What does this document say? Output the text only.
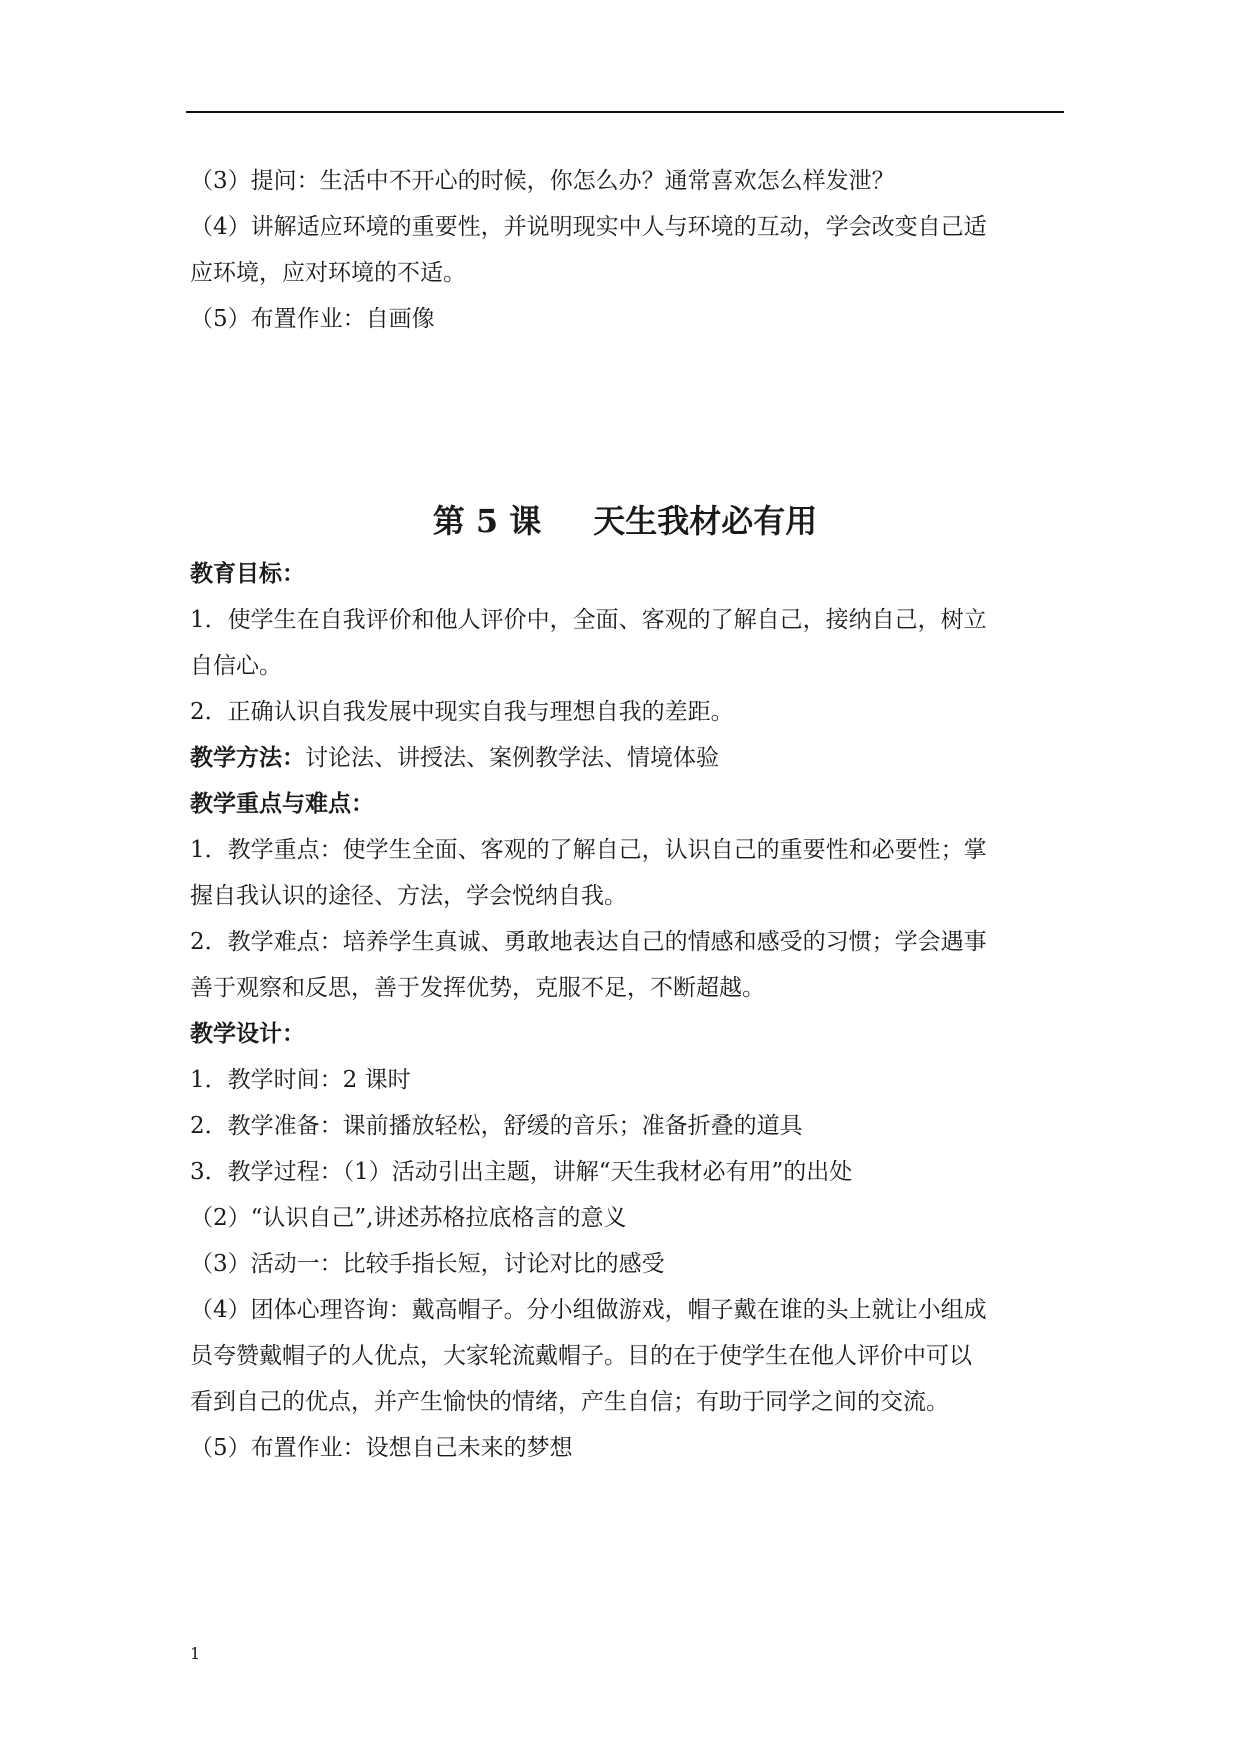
（3）提问：生活中不开心的时候，你怎么办？通常喜欢怎么样发泄？
（4）讲解适应环境的重要性，并说明现实中人与环境的互动，学会改变自己适
应环境，应对环境的不适。
（5）布置作业：自画像
第 5 课 天生我材必有用
教育目标：
1．使学生在自我评价和他人评价中，全面、客观的了解自己，接纳自己，树立
自信心。
2．正确认识自我发展中现实自我与理想自我的差距。
教学方法：讨论法、讲授法、案例教学法、情境体验
教学重点与难点：
1．教学重点：使学生全面、客观的了解自己，认识自己的重要性和必要性；掌
握自我认识的途径、方法，学会悦纳自我。
2．教学难点：培养学生真诚、勇敢地表达自己的情感和感受的习惯；学会遇事
善于观察和反思，善于发挥优势，克服不足，不断超越。
教学设计：
1．教学时间：2 课时
2．教学准备：课前播放轻松，舒缓的音乐；准备折叠的道具
3．教学过程：（1）活动引出主题，讲解“天生我材必有用”的出处
（2）“认识自己”,讲述苏格拉底格言的意义
（3）活动一：比较手指长短，讨论对比的感受
（4）团体心理咨询：戴高帽子。分小组做游戏，帽子戴在谁的头上就让小组成
员夸赞戴帽子的人优点，大家轮流戴帽子。目的在于使学生在他人评价中可以
看到自己的优点，并产生愉快的情绪，产生自信；有助于同学之间的交流。
（5）布置作业：设想自己未来的梦想
1
